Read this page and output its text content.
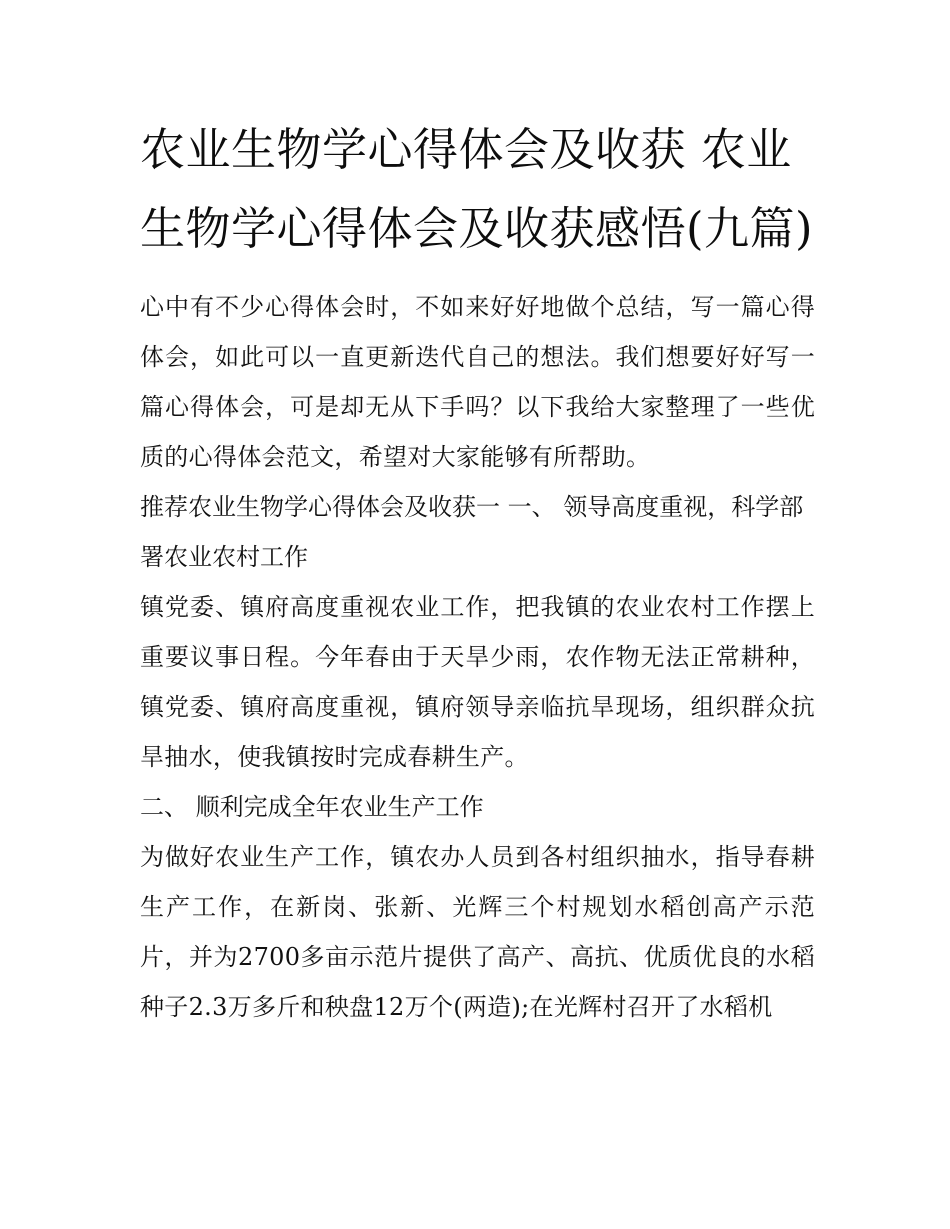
农业生物学心得体会及收获 农业生物学心得体会及收获感悟(九篇)

心中有不少心得体会时，不如来好好地做个总结，写一篇心得体会，如此可以一直更新迭代自己的想法。我们想要好好写一篇心得体会，可是却无从下手吗？以下我给大家整理了一些优质的心得体会范文，希望对大家能够有所帮助。

推荐农业生物学心得体会及收获一 一、 领导高度重视，科学部署农业农村工作

镇党委、镇府高度重视农业工作，把我镇的农业农村工作摆上重要议事日程。今年春由于天旱少雨，农作物无法正常耕种，镇党委、镇府高度重视，镇府领导亲临抗旱现场，组织群众抗旱抽水，使我镇按时完成春耕生产。

二、 顺利完成全年农业生产工作

为做好农业生产工作，镇农办人员到各村组织抽水，指导春耕生产工作，在新岗、张新、光辉三个村规划水稻创高产示范片，并为2700多亩示范片提供了高产、高抗、优质优良的水稻种子2.3万多斤和秧盘12万个(两造);在光辉村召开了水稻机
